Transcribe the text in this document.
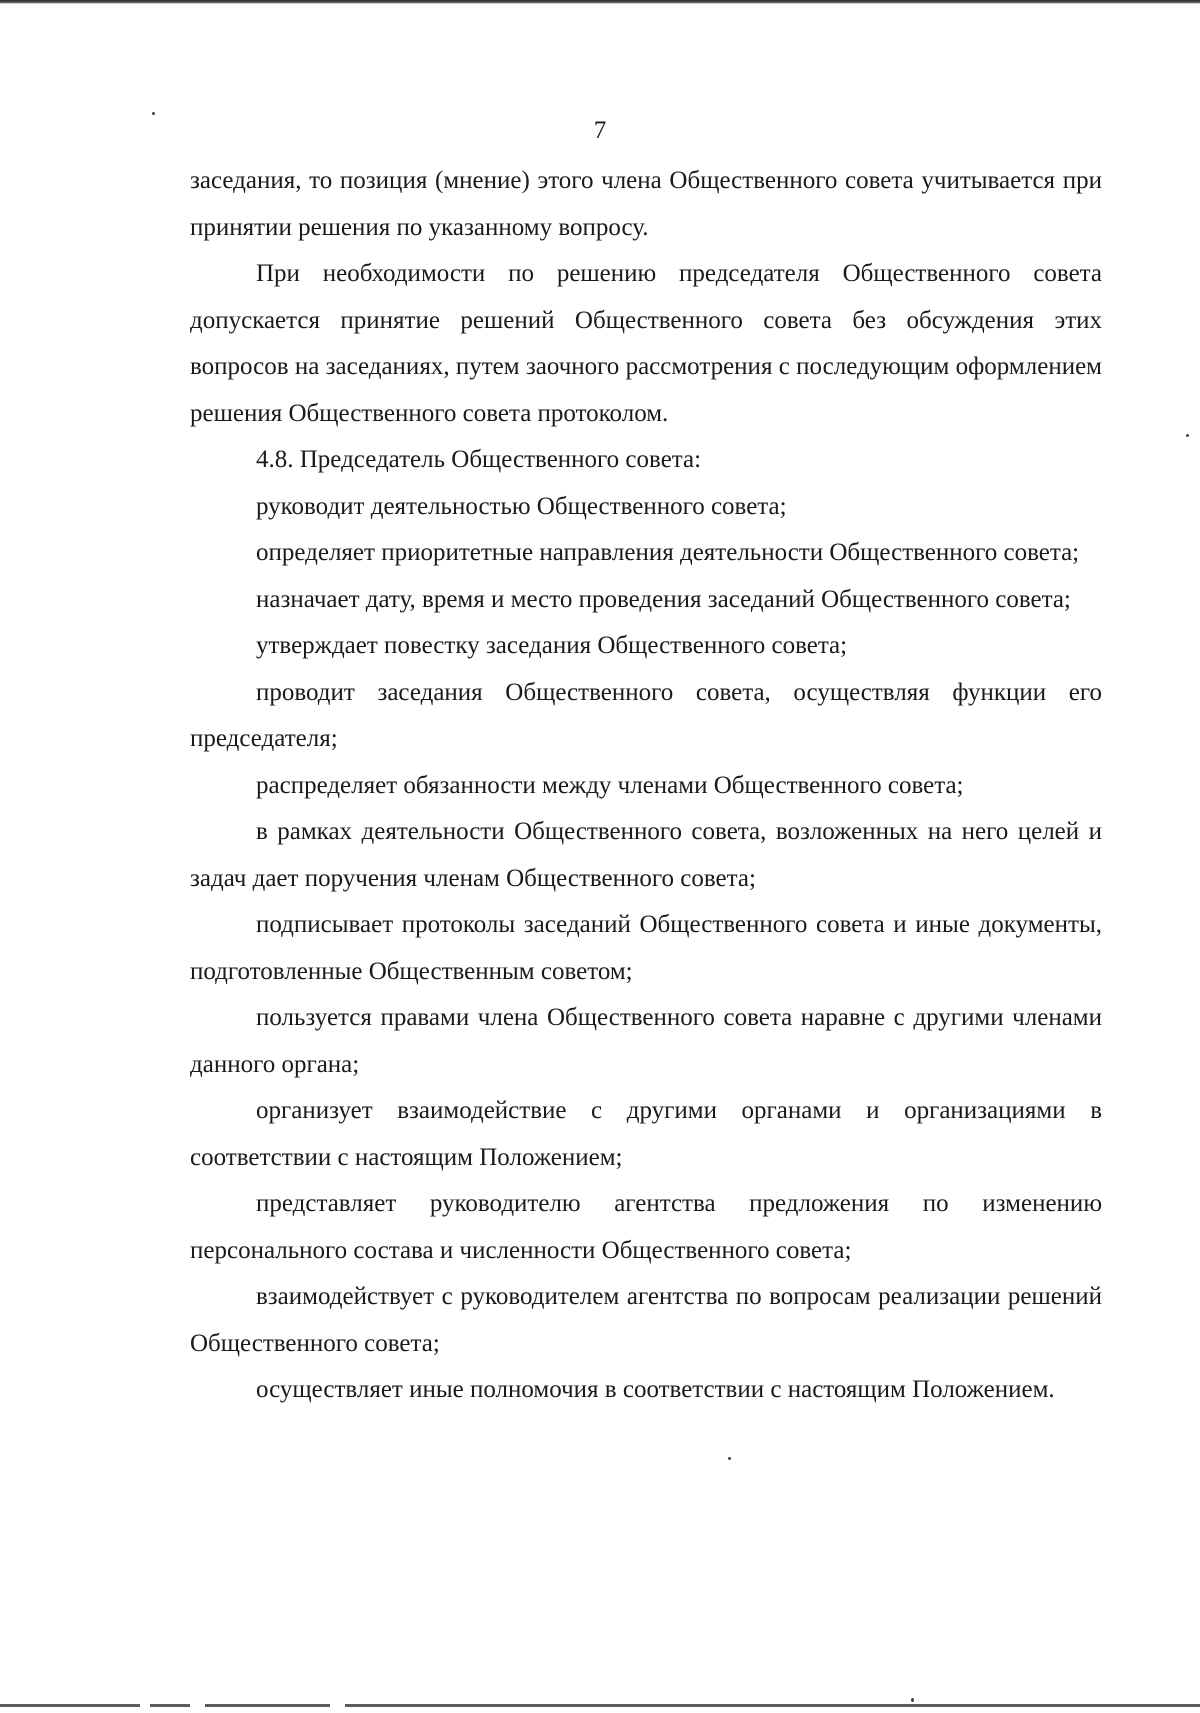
7

заседания, то позиция (мнение) этого члена Общественного совета учитывается при принятии решения по указанному вопросу.

При необходимости по решению председателя Общественного совета допускается принятие решений Общественного совета без обсуждения этих вопросов на заседаниях, путем заочного рассмотрения с последующим оформлением решения Общественного совета протоколом.

4.8. Председатель Общественного совета:

руководит деятельностью Общественного совета;

определяет приоритетные направления деятельности Общественного совета;

назначает дату, время и место проведения заседаний Общественного совета;

утверждает повестку заседания Общественного совета;

проводит заседания Общественного совета, осуществляя функции его председателя;

распределяет обязанности между членами Общественного совета;

в рамках деятельности Общественного совета, возложенных на него целей и задач дает поручения членам Общественного совета;

подписывает протоколы заседаний Общественного совета и иные документы, подготовленные Общественным советом;

пользуется правами члена Общественного совета наравне с другими членами данного органа;

организует взаимодействие с другими органами и организациями в соответствии с настоящим Положением;

представляет руководителю агентства предложения по изменению персонального состава и численности Общественного совета;

взаимодействует с руководителем агентства по вопросам реализации решений Общественного совета;

осуществляет иные полномочия в соответствии с настоящим Положением.
